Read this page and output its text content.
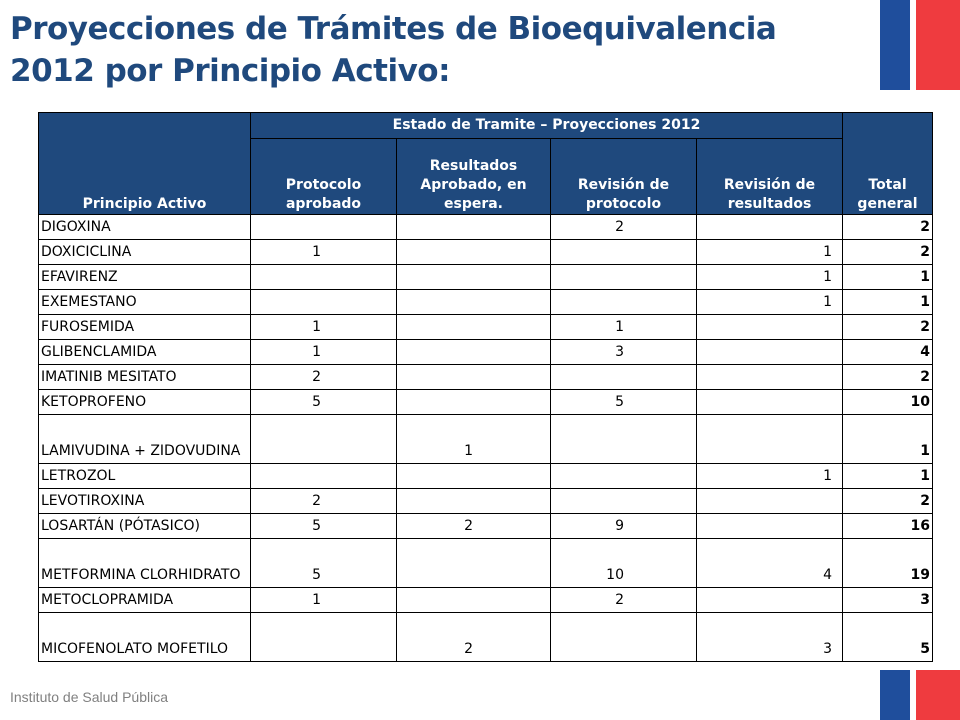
Proyecciones de Trámites de Bioequivalencia 2012 por Principio Activo:
Principio Activo	Estado de Tramite – Proyecciones 2012				Total general
	Protocolo aprobado	Resultados Aprobado, en espera.	Revisión de protocolo	Revisión de resultados	
DIGOXINA			2		2
DOXICICLINA	1			1	2
EFAVIRENZ				1	1
EXEMESTANO				1	1
FUROSEMIDA	1		1		2
GLIBENCLAMIDA	1		3		4
IMATINIB MESITATO	2				2
KETOPROFENO	5		5		10
LAMIVUDINA + ZIDOVUDINA		1			1
LETROZOL				1	1
LEVOTIROXINA	2				2
LOSARTÁN (PÓTASICO)	5	2	9		16
METFORMINA CLORHIDRATO	5		10	4	19
METOCLOPRAMIDA	1		2		3
MICOFENOLATO MOFETILO		2		3	5
Instituto de Salud Pública
